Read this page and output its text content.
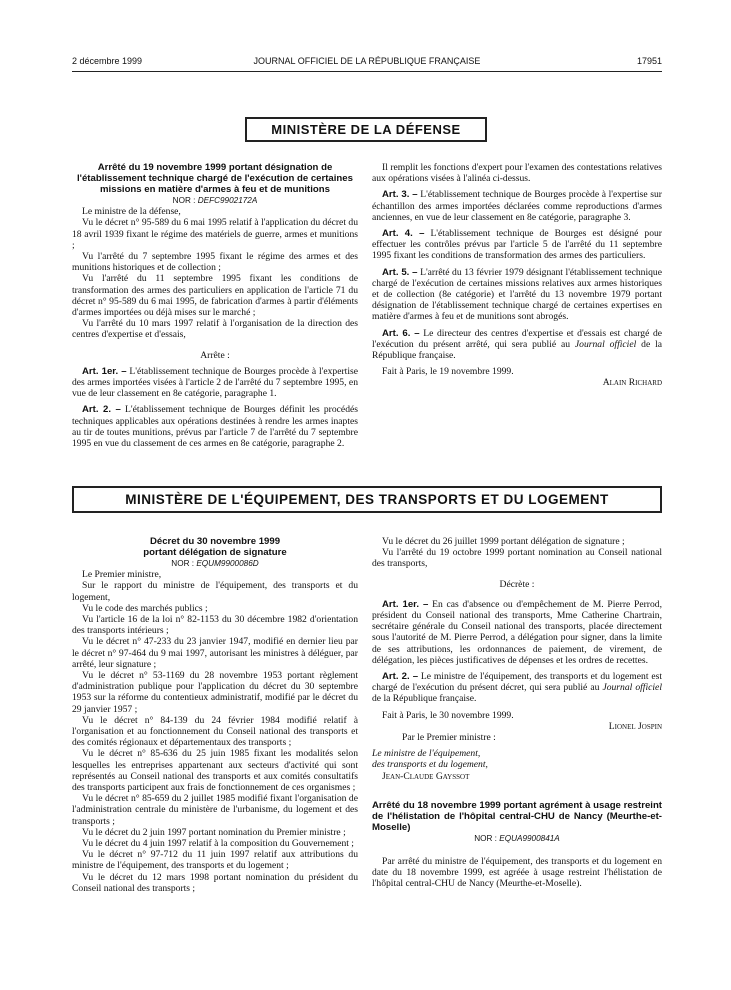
2 décembre 1999	JOURNAL OFFICIEL DE LA RÉPUBLIQUE FRANÇAISE	17951
MINISTÈRE DE LA DÉFENSE
Arrêté du 19 novembre 1999 portant désignation de l'établissement technique chargé de l'exécution de certaines missions en matière d'armes à feu et de munitions

NOR : DEFC9902172A

Le ministre de la défense,

Vu le décret n° 95-589 du 6 mai 1995 relatif à l'application du décret du 18 avril 1939 fixant le régime des matériels de guerre, armes et munitions ;

Vu l'arrêté du 7 septembre 1995 fixant le régime des armes et des munitions historiques et de collection ;

Vu l'arrêté du 11 septembre 1995 fixant les conditions de transformation des armes des particuliers en application de l'article 71 du décret n° 95-589 du 6 mai 1995, de fabrication d'armes à partir d'éléments d'armes importées ou déjà mises sur le marché ;

Vu l'arrêté du 10 mars 1997 relatif à l'organisation de la direction des centres d'expertise et d'essais,

Arrête :

Art. 1er. – L'établissement technique de Bourges procède à l'expertise des armes importées visées à l'article 2 de l'arrêté du 7 septembre 1995, en vue de leur classement en 8e catégorie, paragraphe 1.

Art. 2. – L'établissement technique de Bourges définit les procédés techniques applicables aux opérations destinées à rendre les armes inaptes au tir de toutes munitions, prévus par l'article 7 de l'arrêté du 7 septembre 1995 en vue du classement de ces armes en 8e catégorie, paragraphe 2.

Il remplit les fonctions d'expert pour l'examen des contestations relatives aux opérations visées à l'alinéa ci-dessus.

Art. 3. – L'établissement technique de Bourges procède à l'expertise sur échantillon des armes importées déclarées comme reproductions d'armes anciennes, en vue de leur classement en 8e catégorie, paragraphe 3.

Art. 4. – L'établissement technique de Bourges est désigné pour effectuer les contrôles prévus par l'article 5 de l'arrêté du 11 septembre 1995 fixant les conditions de transformation des armes des particuliers.

Art. 5. – L'arrêté du 13 février 1979 désignant l'établissement technique chargé de l'exécution de certaines missions relatives aux armes historiques et de collection (8e catégorie) et l'arrêté du 13 novembre 1979 portant désignation de l'établissement technique chargé de certaines expertises en matière d'armes à feu et de munitions sont abrogés.

Art. 6. – Le directeur des centres d'expertise et d'essais est chargé de l'exécution du présent arrêté, qui sera publié au Journal officiel de la République française.

Fait à Paris, le 19 novembre 1999.

Alain Richard

MINISTÈRE DE L'ÉQUIPEMENT, DES TRANSPORTS ET DU LOGEMENT
Décret du 30 novembre 1999
portant délégation de signature

NOR : EQUM9900086D

Le Premier ministre,

Sur le rapport du ministre de l'équipement, des transports et du logement,

Vu le code des marchés publics ;

Vu l'article 16 de la loi n° 82-1153 du 30 décembre 1982 d'orientation des transports intérieurs ;

Vu le décret n° 47-233 du 23 janvier 1947, modifié en dernier lieu par le décret n° 97-464 du 9 mai 1997, autorisant les ministres à déléguer, par arrêté, leur signature ;

Vu le décret n° 53-1169 du 28 novembre 1953 portant règlement d'administration publique pour l'application du décret du 30 septembre 1953 sur la réforme du contentieux administratif, modifié par le décret du 29 janvier 1957 ;

Vu le décret n° 84-139 du 24 février 1984 modifié relatif à l'organisation et au fonctionnement du Conseil national des transports et des comités régionaux et départementaux des transports ;

Vu le décret n° 85-636 du 25 juin 1985 fixant les modalités selon lesquelles les entreprises appartenant aux secteurs d'activité qui sont représentés au Conseil national des transports et aux comités consultatifs des transports participent aux frais de fonctionnement de ces organismes ;

Vu le décret n° 85-659 du 2 juillet 1985 modifié fixant l'organisation de l'administration centrale du ministère de l'urbanisme, du logement et des transports ;

Vu le décret du 2 juin 1997 portant nomination du Premier ministre ;

Vu le décret du 4 juin 1997 relatif à la composition du Gouvernement ;

Vu le décret n° 97-712 du 11 juin 1997 relatif aux attributions du ministre de l'équipement, des transports et du logement ;

Vu le décret du 12 mars 1998 portant nomination du président du Conseil national des transports ;

Vu le décret du 26 juillet 1999 portant délégation de signature ;

Vu l'arrêté du 19 octobre 1999 portant nomination au Conseil national des transports,

Décrète :

Art. 1er. – En cas d'absence ou d'empêchement de M. Pierre Perrod, président du Conseil national des transports, Mme Catherine Chartrain, secrétaire générale du Conseil national des transports, placée directement sous l'autorité de M. Pierre Perrod, a délégation pour signer, dans la limite de ses attributions, les ordonnances de paiement, de virement, de délégation, les pièces justificatives de dépenses et les ordres de recettes.

Art. 2. – Le ministre de l'équipement, des transports et du logement est chargé de l'exécution du présent décret, qui sera publié au Journal officiel de la République française.

Fait à Paris, le 30 novembre 1999.

Lionel Jospin

Par le Premier ministre :

Le ministre de l'équipement,

des transports et du logement,

Jean-Claude Gayssot

Arrêté du 18 novembre 1999 portant agrément à usage restreint de l'hélistation de l'hôpital central-CHU de Nancy (Meurthe-et-Moselle)

NOR : EQUA9900841A

Par arrêté du ministre de l'équipement, des transports et du logement en date du 18 novembre 1999, est agréée à usage restreint l'hélistation de l'hôpital central-CHU de Nancy (Meurthe-et-Moselle).
